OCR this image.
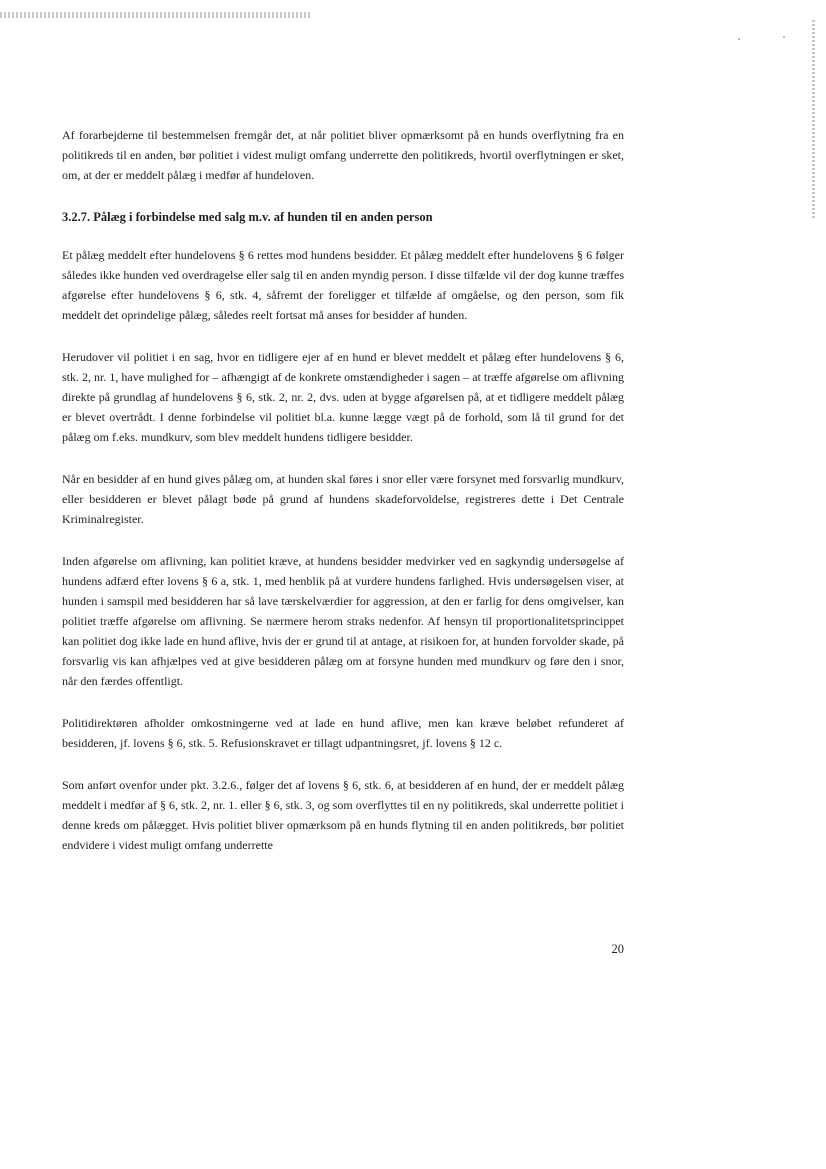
Af forarbejderne til bestemmelsen fremgår det, at når politiet bliver opmærksomt på en hunds overflytning fra en politikreds til en anden, bør politiet i videst muligt omfang underrette den politikreds, hvortil overflytningen er sket, om, at der er meddelt pålæg i medfør af hundeloven.

3.2.7. Pålæg i forbindelse med salg m.v. af hunden til en anden person

Et pålæg meddelt efter hundelovens § 6 rettes mod hundens besidder. Et pålæg meddelt efter hundelovens § 6 følger således ikke hunden ved overdragelse eller salg til en anden myndig person. I disse tilfælde vil der dog kunne træffes afgørelse efter hundelovens § 6, stk. 4, såfremt der foreligger et tilfælde af omgåelse, og den person, som fik meddelt det oprindelige pålæg, således reelt fortsat må anses for besidder af hunden.

Herudover vil politiet i en sag, hvor en tidligere ejer af en hund er blevet meddelt et pålæg efter hundelovens § 6, stk. 2, nr. 1, have mulighed for – afhængigt af de konkrete omstændigheder i sagen – at træffe afgørelse om aflivning direkte på grundlag af hundelovens § 6, stk. 2, nr. 2, dvs. uden at bygge afgørelsen på, at et tidligere meddelt pålæg er blevet overtrådt. I denne forbindelse vil politiet bl.a. kunne lægge vægt på de forhold, som lå til grund for det pålæg om f.eks. mundkurv, som blev meddelt hundens tidligere besidder.

Når en besidder af en hund gives pålæg om, at hunden skal føres i snor eller være forsynet med forsvarlig mundkurv, eller besidderen er blevet pålagt bøde på grund af hundens skadeforvoldelse, registreres dette i Det Centrale Kriminalregister.

Inden afgørelse om aflivning, kan politiet kræve, at hundens besidder medvirker ved en sagkyndig undersøgelse af hundens adfærd efter lovens § 6 a, stk. 1, med henblik på at vurdere hundens farlighed. Hvis undersøgelsen viser, at hunden i samspil med besidderen har så lave tærskelværdier for aggression, at den er farlig for dens omgivelser, kan politiet træffe afgørelse om aflivning. Se nærmere herom straks nedenfor. Af hensyn til proportionalitetsprincippet kan politiet dog ikke lade en hund aflive, hvis der er grund til at antage, at risikoen for, at hunden forvolder skade, på forsvarlig vis kan afhjælpes ved at give besidderen pålæg om at forsyne hunden med mundkurv og føre den i snor, når den færdes offentligt.

Politidirektøren afholder omkostningerne ved at lade en hund aflive, men kan kræve beløbet refunderet af besidderen, jf. lovens § 6, stk. 5. Refusionskravet er tillagt udpantningsret, jf. lovens § 12 c.

Som anført ovenfor under pkt. 3.2.6., følger det af lovens § 6, stk. 6, at besidderen af en hund, der er meddelt pålæg meddelt i medfør af § 6, stk. 2, nr. 1. eller § 6, stk. 3, og som overflyttes til en ny politikreds, skal underrette politiet i denne kreds om pålægget. Hvis politiet bliver opmærksom på en hunds flytning til en anden politikreds, bør politiet endvidere i videst muligt omfang underrette

20
